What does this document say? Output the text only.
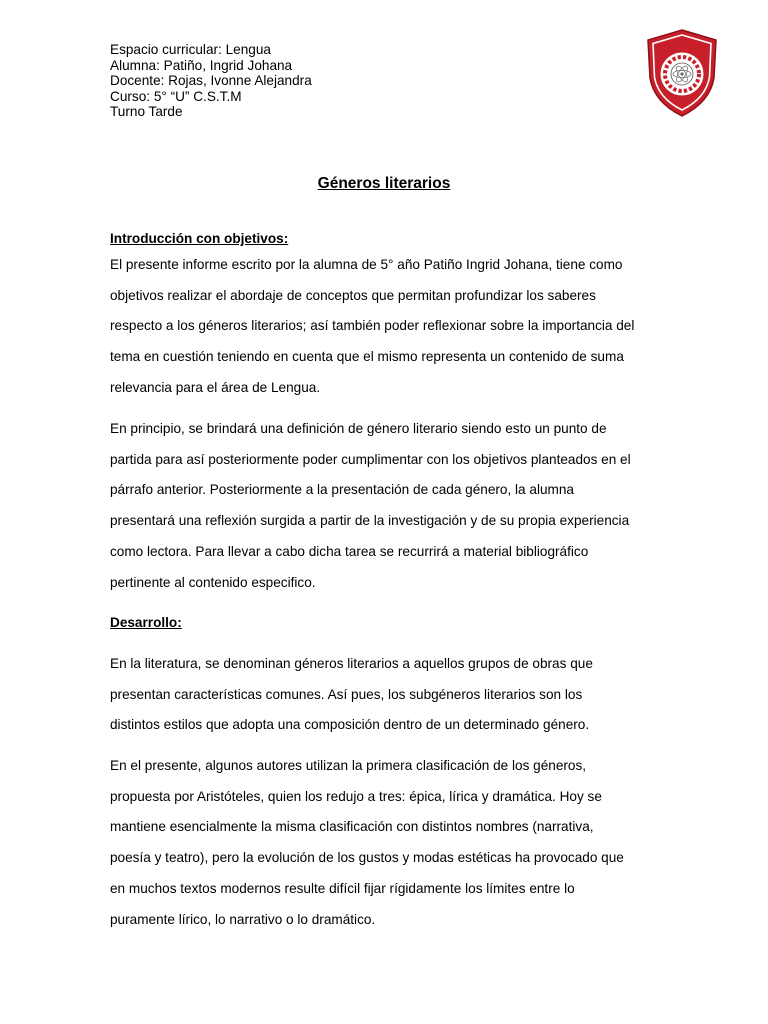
Espacio curricular: Lengua
Alumna: Patiño, Ingrid Johana
Docente: Rojas, Ivonne Alejandra
Curso: 5° “U” C.S.T.M
Turno Tarde
Géneros literarios
Introducción con objetivos:
El presente informe escrito por la alumna de 5° año Patiño Ingrid Johana, tiene como
objetivos realizar el abordaje de conceptos que permitan profundizar los saberes
respecto a los géneros literarios; así también poder reflexionar sobre la importancia del
tema en cuestión teniendo en cuenta que el mismo representa un contenido de suma
relevancia para el área de Lengua.
En principio, se brindará una definición de género literario siendo esto un punto de
partida para así posteriormente poder cumplimentar con los objetivos planteados en el
párrafo anterior. Posteriormente a la presentación de cada género, la alumna
presentará una reflexión surgida a partir de la investigación y de su propia experiencia
como lectora. Para llevar a cabo dicha tarea se recurrirá a material bibliográfico
pertinente al contenido especifico.
Desarrollo:
En la literatura, se denominan géneros literarios a aquellos grupos de obras que
presentan características comunes. Así pues, los subgéneros literarios son los
distintos estilos que adopta una composición dentro de un determinado género.
En el presente, algunos autores utilizan la primera clasificación de los géneros,
propuesta por Aristóteles, quien los redujo a tres: épica, lírica y dramática. Hoy se
mantiene esencialmente la misma clasificación con distintos nombres (narrativa,
poesía y teatro), pero la evolución de los gustos y modas estéticas ha provocado que
en muchos textos modernos resulte difícil fijar rígidamente los límites entre lo
puramente lírico, lo narrativo o lo dramático.
